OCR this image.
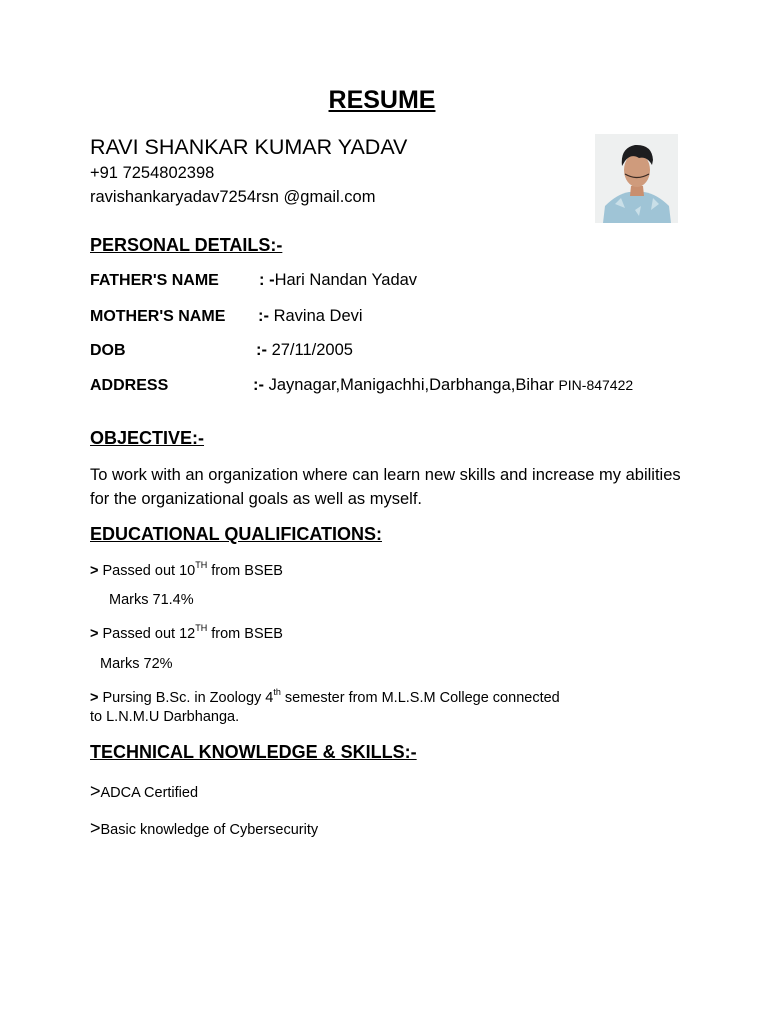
RESUME
RAVI SHANKAR KUMAR YADAV
+91 7254802398
ravishankaryadav7254rsn @gmail.com
PERSONAL DETAILS:-
FATHER'S NAME : -Hari Nandan Yadav
MOTHER'S NAME :- Ravina Devi
DOB	:- 27/11/2005
ADDRESS	:- Jaynagar,Manigachhi,Darbhanga,Bihar PIN-847422
OBJECTIVE:-
To work with an organization where can learn new skills and increase my abilities for the organizational goals as well as myself.
EDUCATIONAL QUALIFICATIONS:
> Passed out 10TH from BSEB
Marks 71.4%
> Passed out 12TH from BSEB
Marks 72%
> Pursing B.Sc. in Zoology 4th semester from M.L.S.M College connected
to L.N.M.U Darbhanga.
TECHNICAL KNOWLEDGE & SKILLS:-
>ADCA Certified
>Basic knowledge of Cybersecurity
